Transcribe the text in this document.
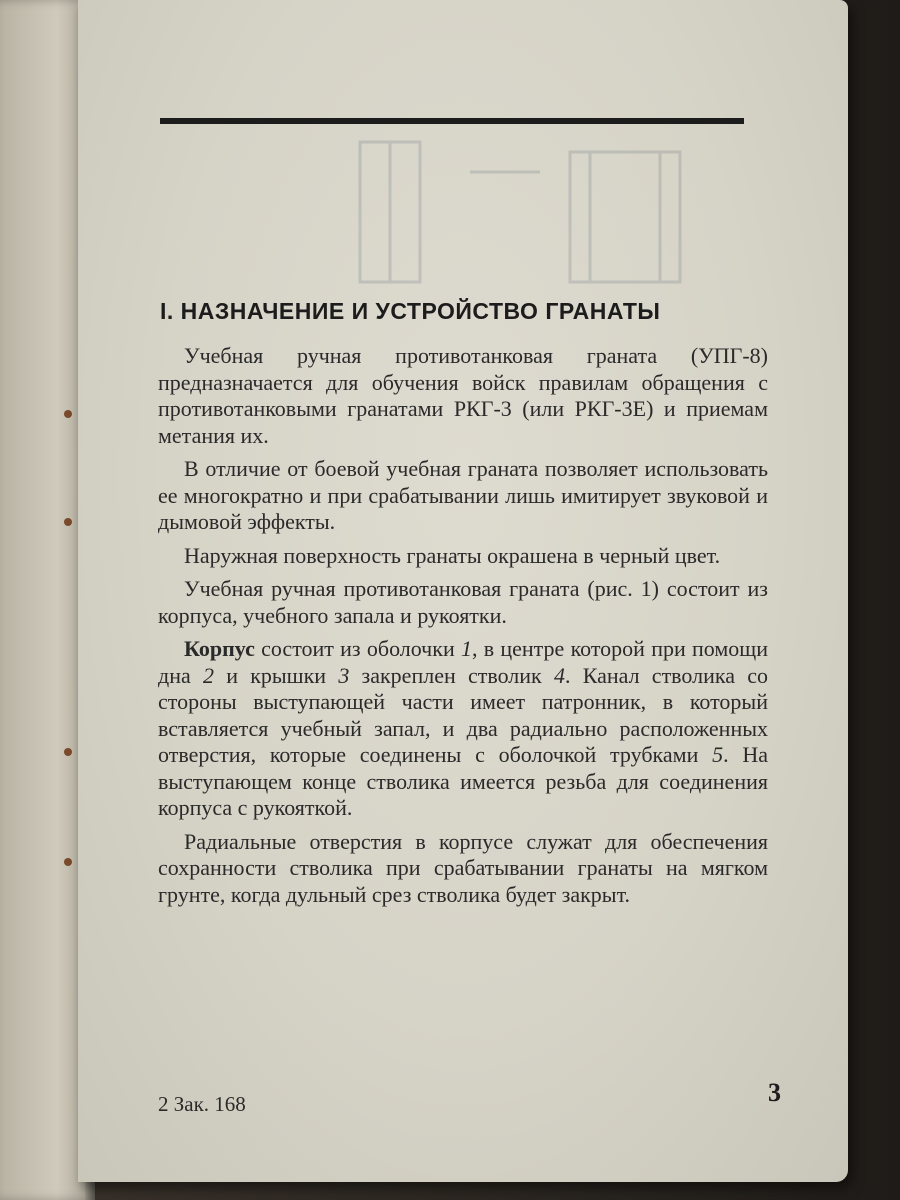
I. НАЗНАЧЕНИЕ И УСТРОЙСТВО ГРАНАТЫ

Учебная ручная противотанковая граната (УПГ-8) предназначается для обучения войск правилам обращения с противотанковыми гранатами РКГ-3 (или РКГ-3Е) и приемам метания их.

В отличие от боевой учебная граната позволяет использовать ее многократно и при срабатывании лишь имитирует звуковой и дымовой эффекты.

Наружная поверхность гранаты окрашена в черный цвет.

Учебная ручная противотанковая граната (рис. 1) состоит из корпуса, учебного запала и рукоятки.

Корпус состоит из оболочки 1, в центре которой при помощи дна 2 и крышки 3 закреплен стволик 4. Канал стволика со стороны выступающей части имеет патронник, в который вставляется учебный запал, и два радиально расположенных отверстия, которые соединены с оболочкой трубками 5. На выступающем конце стволика имеется резьба для соединения корпуса с рукояткой.

Радиальные отверстия в корпусе служат для обеспечения сохранности стволика при срабатывании гранаты на мягком грунте, когда дульный срез стволика будет закрыт.

2 Зак. 168	3
